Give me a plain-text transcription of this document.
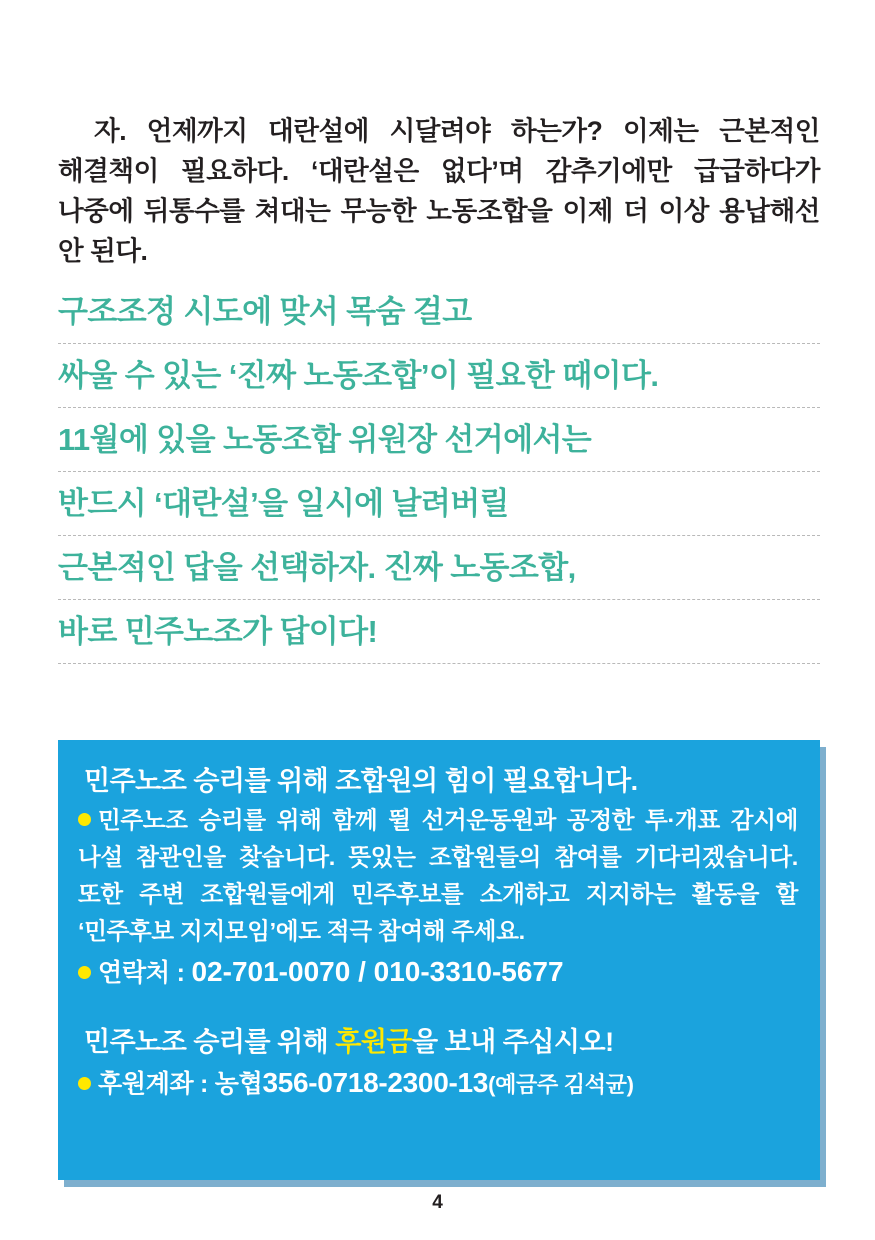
자. 언제까지 대란설에 시달려야 하는가? 이제는 근본적인 해결책이 필요하다. ‘대란설은 없다’며 감추기에만 급급하다가 나중에 뒤통수를 쳐대는 무능한 노동조합을 이제 더 이상 용납해선 안 된다.

구조조정 시도에 맞서 목숨 걸고
싸울 수 있는 ‘진짜 노동조합’이 필요한 때이다.
11월에 있을 노동조합 위원장 선거에서는
반드시 ‘대란설’을 일시에 날려버릴
근본적인 답을 선택하자. 진짜 노동조합,
바로 민주노조가 답이다!
민주노조 승리를 위해 조합원의 힘이 필요합니다.
민주노조 승리를 위해 함께 뛸 선거운동원과 공정한 투·개표 감시에 나설 참관인을 찾습니다. 뜻있는 조합원들의 참여를 기다리겠습니다. 또한 주변 조합원들에게 민주후보를 소개하고 지지하는 활동을 할 ‘민주후보 지지모임’에도 적극 참여해 주세요.
연락처 : 02-701-0070 / 010-3310-5677
민주노조 승리를 위해 후원금을 보내 주십시오!
후원계좌 : 농협356-0718-2300-13(예금주 김석균)
4
